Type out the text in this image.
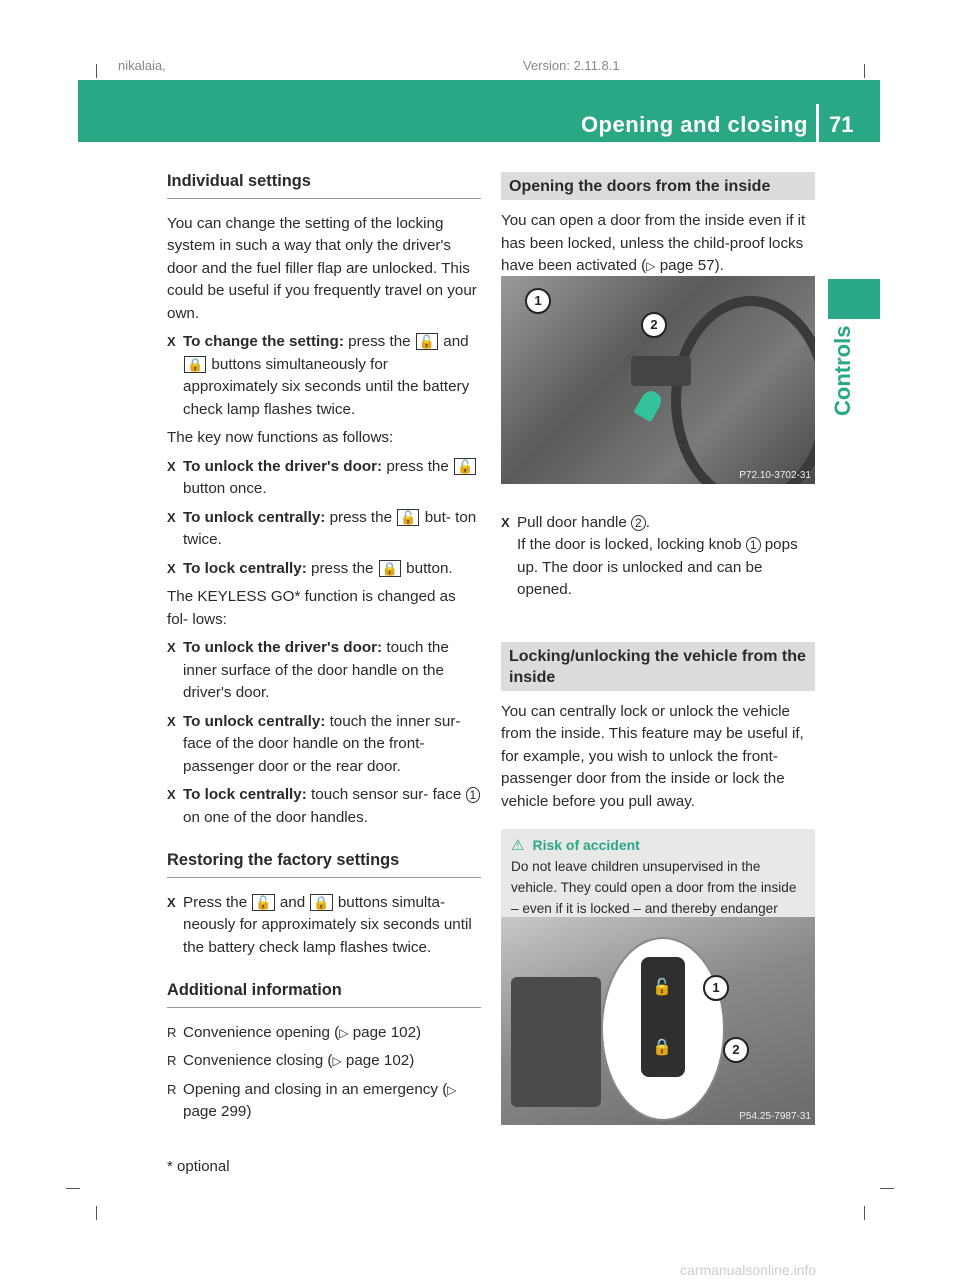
nikalaia,	Version: 2.11.8.1
Opening and closing 71
Controls
Individual settings

You can change the setting of the locking system in such a way that only the driver's door and the fuel filler flap are unlocked. This could be useful if you frequently travel on your own.

X To change the setting: press the 🔓 and 🔒 buttons simultaneously for approximately six seconds until the battery check lamp flashes twice.

The key now functions as follows:

X To unlock the driver's door: press the 🔓 button once.
X To unlock centrally: press the 🔓 but- ton twice.
X To lock centrally: press the 🔒 button.

The KEYLESS GO* function is changed as fol- lows:

X To unlock the driver's door: touch the inner surface of the door handle on the driver's door.
X To unlock centrally: touch the inner sur- face of the door handle on the front- passenger door or the rear door.
X To lock centrally: touch sensor sur- face 1 on one of the door handles.
Restoring the factory settings
X Press the 🔓 and 🔒 buttons simulta- neously for approximately six seconds until the battery check lamp flashes twice.
Additional information
R Convenience opening (▷ page 102)
R Convenience closing (▷ page 102)
R Opening and closing in an emergency (▷ page 299)
Opening the doors from the inside

You can open a door from the inside even if it has been locked, unless the child-proof locks have been activated (▷ page 57).

X Pull door handle 2 .
If the door is locked, locking knob 1 pops up. The door is unlocked and can be opened.
Locking/unlocking the vehicle from the inside

You can centrally lock or unlock the vehicle from the inside. This feature may be useful if, for example, you wish to unlock the front- passenger door from the inside or lock the vehicle before you pull away.

⚠ Risk of accident
Do not leave children unsupervised in the vehicle. They could open a door from the inside – even if it is locked – and thereby endanger
1
2
P72.10-3702-31
🔓
🔒
1
2
P54.25-7987-31
* optional
carmanualsonline.info
